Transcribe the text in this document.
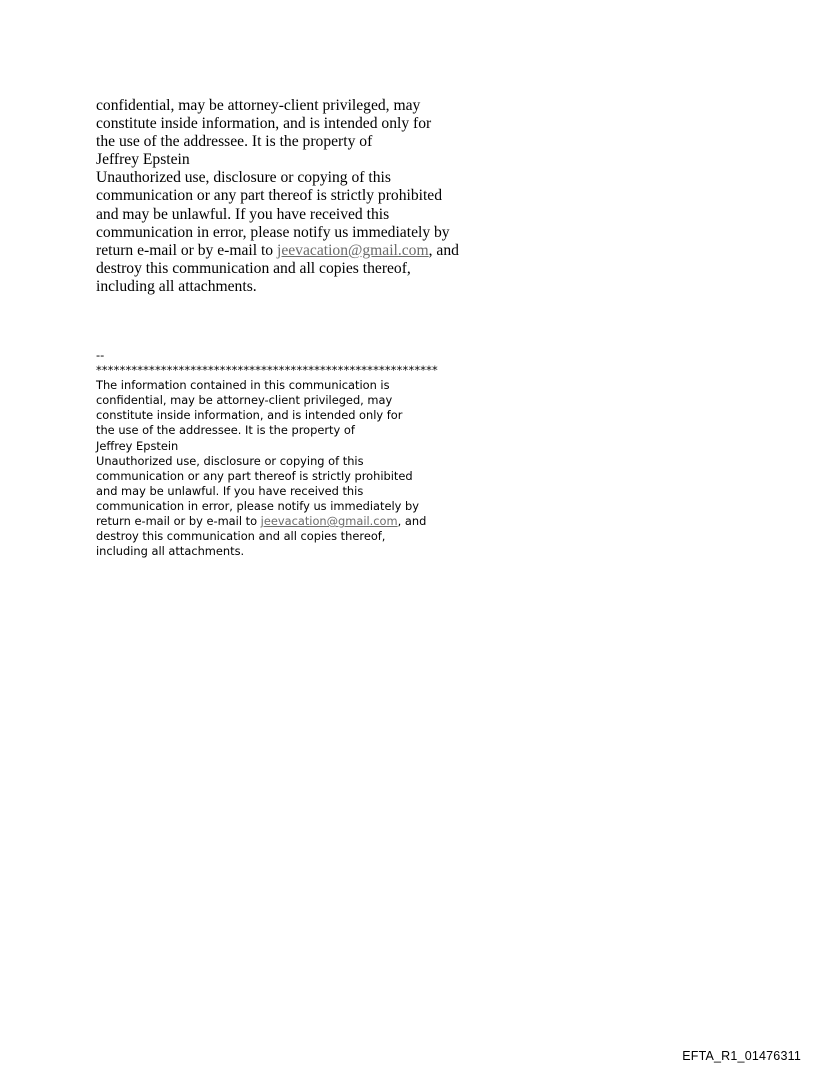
confidential, may be attorney-client privileged, may
constitute inside information, and is intended only for
the use of the addressee. It is the property of
Jeffrey Epstein
Unauthorized use, disclosure or copying of this
communication or any part thereof is strictly prohibited
and may be unlawful. If you have received this
communication in error, please notify us immediately by
return e-mail or by e-mail to jeevacation@gmail.com, and
destroy this communication and all copies thereof,
including all attachments.
--
**********************************************************
The information contained in this communication is
confidential, may be attorney-client privileged, may
constitute inside information, and is intended only for
the use of the addressee. It is the property of
Jeffrey Epstein
Unauthorized use, disclosure or copying of this
communication or any part thereof is strictly prohibited
and may be unlawful. If you have received this
communication in error, please notify us immediately by
return e-mail or by e-mail to jeevacation@gmail.com, and
destroy this communication and all copies thereof,
including all attachments.
EFTA_R1_01476311
